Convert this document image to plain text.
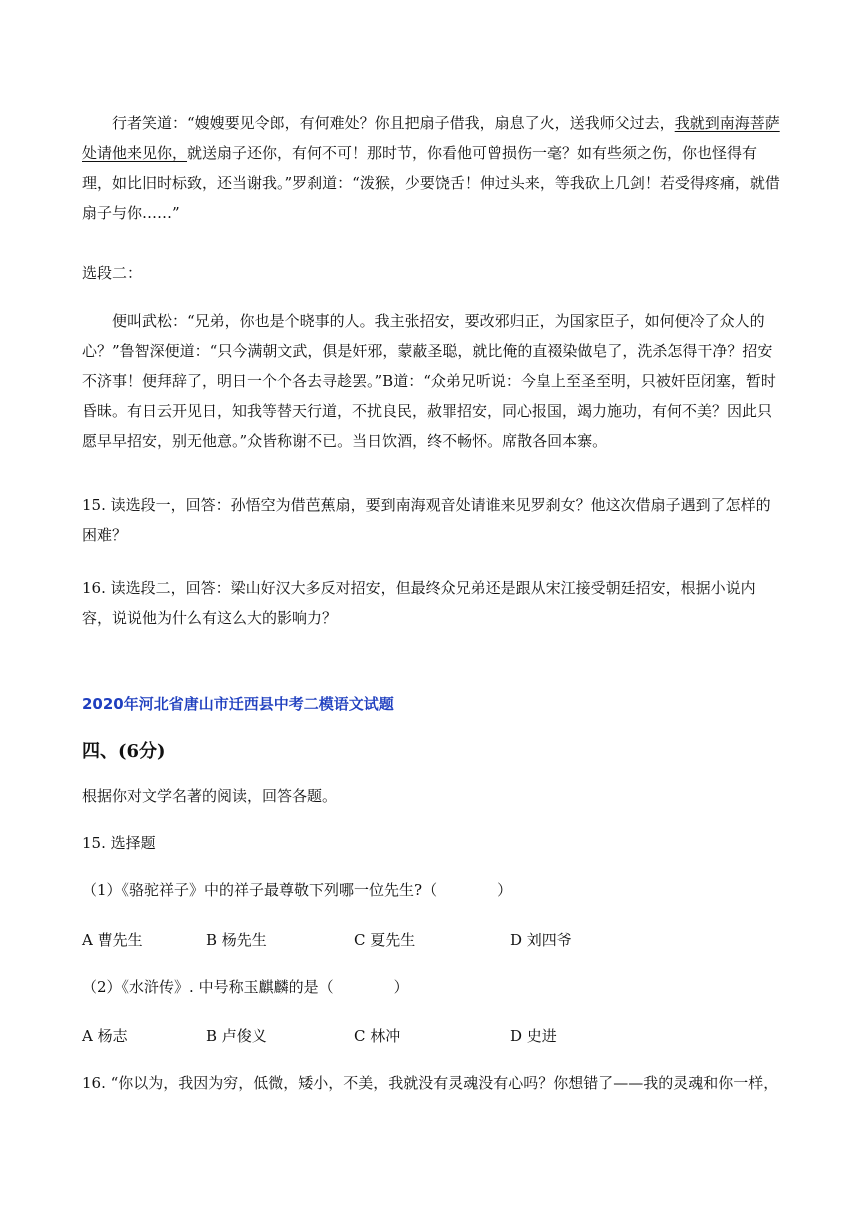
行者笑道：“嫂嫂要见令郎，有何难处？你且把扇子借我，扇息了火，送我师父过去，我就到南海菩萨处请他来见你，就送扇子还你，有何不可！那时节，你看他可曾损伤一毫？如有些须之伤，你也怪得有理，如比旧时标致，还当谢我。”罗刹道：“泼猴，少要饶舌！伸过头来，等我砍上几剑！若受得疼痛，就借扇子与你……”

选段二：

便叫武松：“兄弟，你也是个晓事的人。我主张招安，要改邪归正，为国家臣子，如何便冷了众人的心？”鲁智深便道：“只今满朝文武，俱是奸邪，蒙蔽圣聪，就比俺的直裰染做皂了，洗杀怎得干净？招安不济事！便拜辞了，明日一个个各去寻趁罢。”B道：“众弟兄听说：今皇上至圣至明，只被奸臣闭塞，暂时昏昧。有日云开见日，知我等替天行道，不扰良民，赦罪招安，同心报国，竭力施功，有何不美？因此只愿早早招安，别无他意。”众皆称谢不已。当日饮酒，终不畅怀。席散各回本寨。

15. 读选段一，回答：孙悟空为借芭蕉扇，要到南海观音处请谁来见罗刹女？他这次借扇子遇到了怎样的困难？

16. 读选段二，回答：梁山好汉大多反对招安，但最终众兄弟还是跟从宋江接受朝廷招安，根据小说内容，说说他为什么有这么大的影响力？

2020年河北省唐山市迁西县中考二模语文试题

四、(6分)

根据你对文学名著的阅读，回答各题。

15. 选择题

（1）《骆驼祥子》中的祥子最尊敬下列哪一位先生?（　　　　）

A 曹先生	B 杨先生	C 夏先生	D 刘四爷

（2）《水浒传》. 中号称玉麒麟的是（　　　　）

A 杨志	B 卢俊义	C 林冲	D 史进

16. “你以为，我因为穷，低微，矮小，不美，我就没有灵魂没有心吗？你想错了——我的灵魂和你一样，
